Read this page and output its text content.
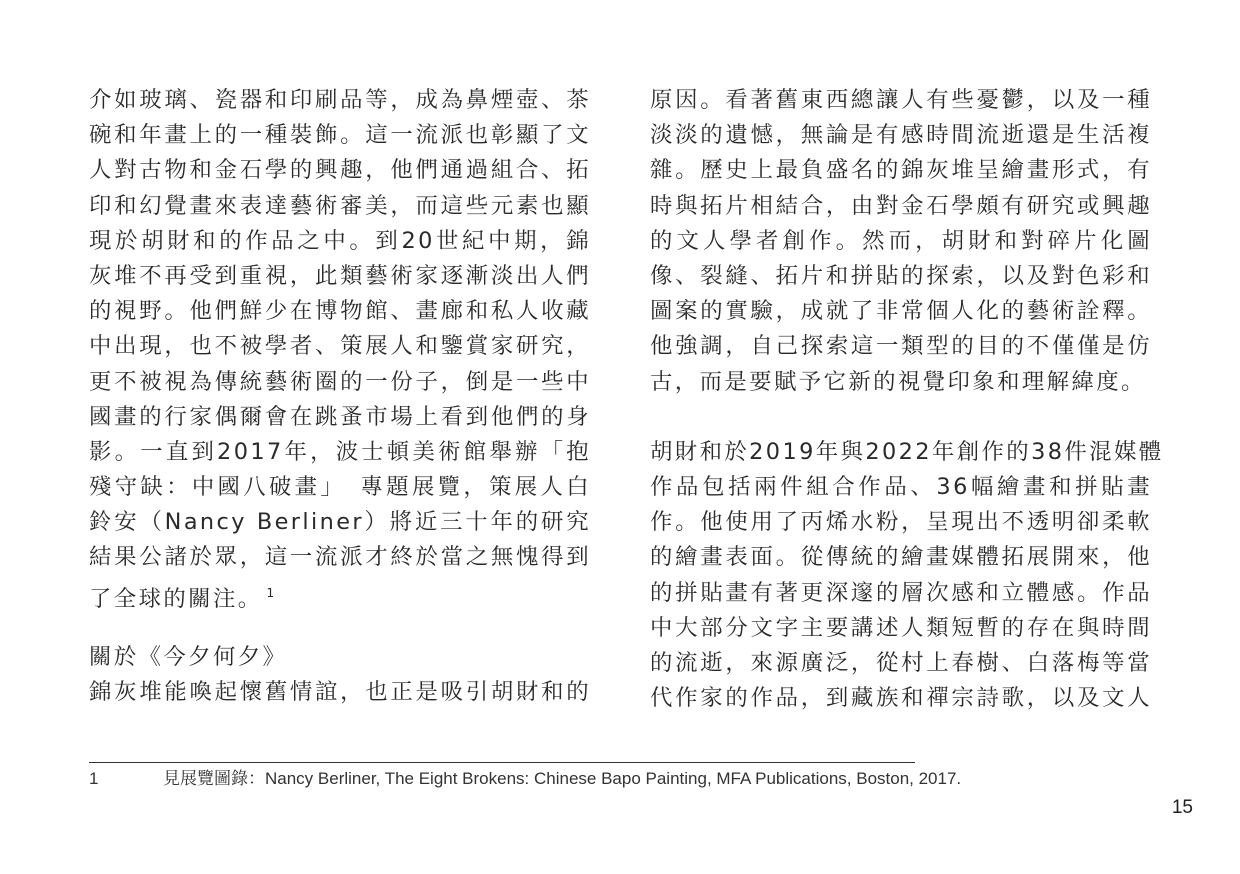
介如玻璃、瓷器和印刷品等，成為鼻煙壺、茶
碗和年畫上的一種裝飾。這一流派也彰顯了文
人對古物和金石學的興趣，他們通過組合、拓
印和幻覺畫來表達藝術審美，而這些元素也顯
現於胡財和的作品之中。到20世紀中期，錦
灰堆不再受到重視，此類藝術家逐漸淡出人們
的視野。他們鮮少在博物館、畫廊和私人收藏
中出現，也不被學者、策展人和鑒賞家研究，
更不被視為傳統藝術圈的一份子，倒是一些中
國畫的行家偶爾會在跳蚤市場上看到他們的身
影。一直到2017年，波士頓美術館舉辦「抱
殘守缺：中國八破畫」　專題展覽，策展人白
鈴安（Nancy Berliner）將近三十年的研究
結果公諸於眾，這一流派才終於當之無愧得到
了全球的關注。 $^1$
關於《今夕何夕》
錦灰堆能喚起懷舊情誼，也正是吸引胡財和的
原因。看著舊東西總讓人有些憂鬱，以及一種
淡淡的遺憾，無論是有感時間流逝還是生活複
雜。歷史上最負盛名的錦灰堆呈繪畫形式，有
時與拓片相結合，由對金石學頗有研究或興趣
的文人學者創作。然而，胡財和對碎片化圖
像、裂縫、拓片和拼貼的探索，以及對色彩和
圖案的實驗，成就了非常個人化的藝術詮釋。
他強調，自己探索這一類型的目的不僅僅是仿
古，而是要賦予它新的視覺印象和理解緯度。
胡財和於2019年與2022年創作的38件混媒體
作品包括兩件組合作品、36幅繪畫和拼貼畫
作。他使用了丙烯水粉，呈現出不透明卻柔軟
的繪畫表面。從傳統的繪畫媒體拓展開來，他
的拼貼畫有著更深邃的層次感和立體感。作品
中大部分文字主要講述人類短暫的存在與時間
的流逝，來源廣泛，從村上春樹、白落梅等當
代作家的作品，到藏族和禪宗詩歌，以及文人
1	見展覽圖錄：Nancy Berliner, The Eight Brokens: Chinese Bapo Painting, MFA Publications, Boston, 2017.
15
